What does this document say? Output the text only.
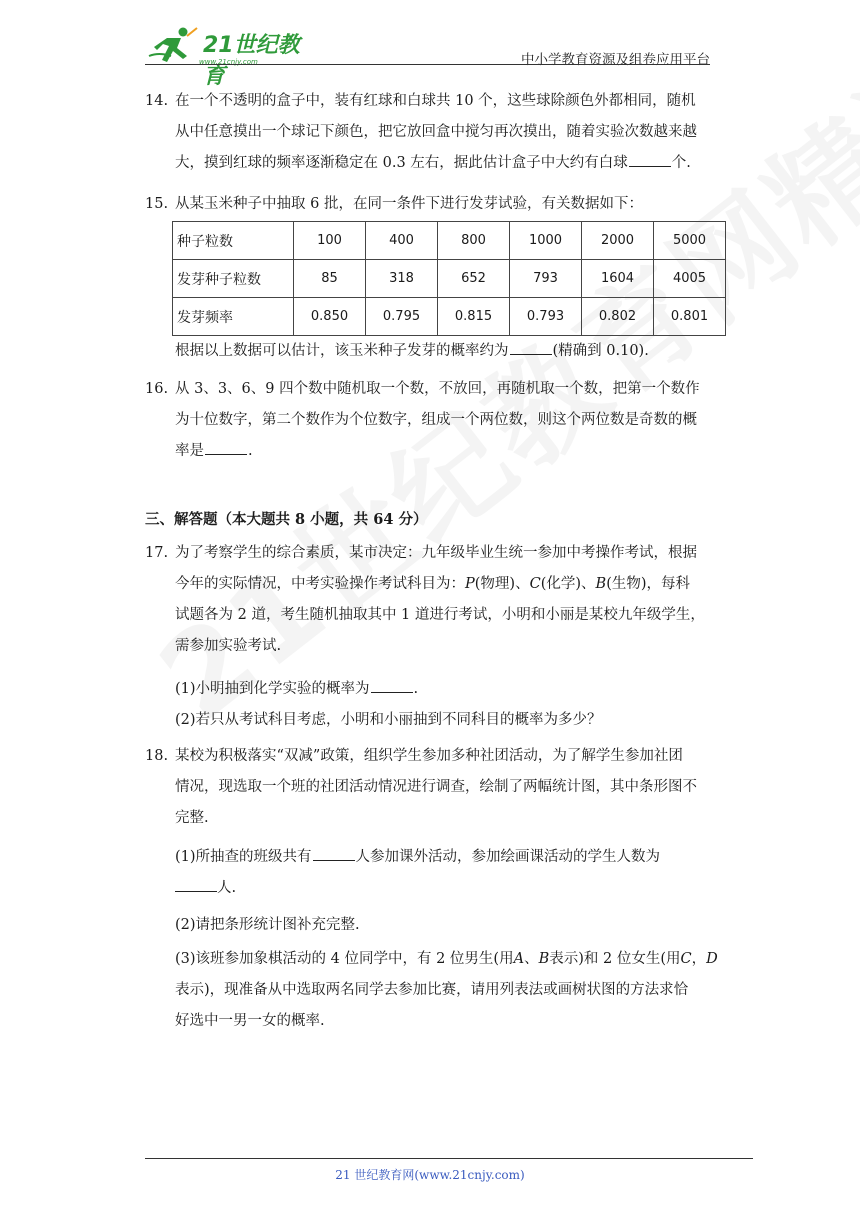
21世纪教育
www.21cnjy.com	中小学教育资源及组卷应用平台
14. 在一个不透明的盒子中，装有红球和白球共 10 个，这些球除颜色外都相同，随机
从中任意摸出一个球记下颜色，把它放回盒中搅匀再次摸出，随着实验次数越来越
大，摸到红球的频率逐渐稳定在 0.3 左右，据此估计盒子中大约有白球	个.
15. 从某玉米种子中抽取 6 批，在同一条件下进行发芽试验，有关数据如下：
种子粒数	100	400	800	1000	2000	5000
发芽种子粒数	85	318	652	793	1604	4005
发芽频率	0.850	0.795	0.815	0.793	0.802	0.801
根据以上数据可以估计，该玉米种子发芽的概率约为	(精确到 0.10).
16. 从 3、3、6、9 四个数中随机取一个数，不放回，再随机取一个数，把第一个数作
为十位数字，第二个数作为个位数字，组成一个两位数，则这个两位数是奇数的概
率是	.
三、解答题（本大题共 8 小题，共 64 分）
17. 为了考察学生的综合素质，某市决定：九年级毕业生统一参加中考操作考试，根据
今年的实际情况，中考实验操作考试科目为：P(物理)、C(化学)、B(生物)，每科
试题各为 2 道，考生随机抽取其中 1 道进行考试，小明和小丽是某校九年级学生，
需参加实验考试.
(1)小明抽到化学实验的概率为	.
(2)若只从考试科目考虑，小明和小丽抽到不同科目的概率为多少？
18. 某校为积极落实“双减”政策，组织学生参加多种社团活动，为了解学生参加社团
情况，现选取一个班的社团活动情况进行调查，绘制了两幅统计图，其中条形图不
完整.
(1)所抽查的班级共有	人参加课外活动，参加绘画课活动的学生人数为
人.
(2)请把条形统计图补充完整.
(3)该班参加象棋活动的 4 位同学中，有 2 位男生(用A、B表示)和 2 位女生(用C，D
表示)，现准备从中选取两名同学去参加比赛，请用列表法或画树状图的方法求恰
好选中一男一女的概率.
21 世纪教育网(www.21cnjy.com)
